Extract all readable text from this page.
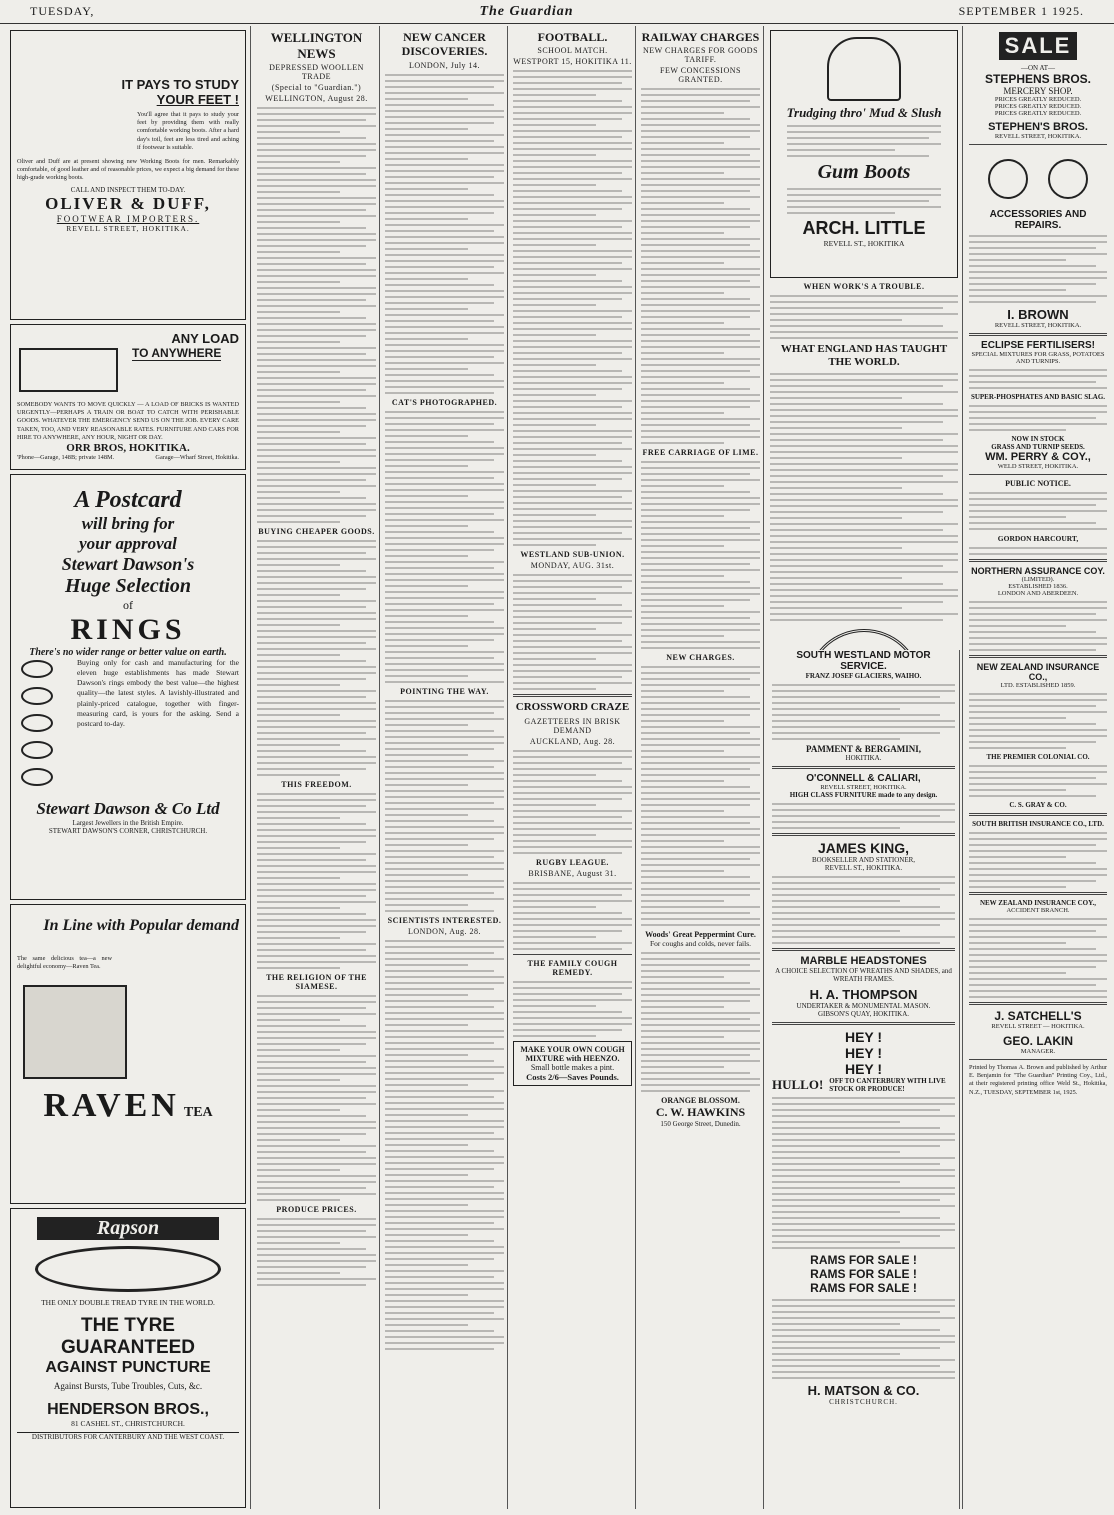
TUESDAY,	The Guardian	SEPTEMBER 1 1925.
IT PAYS TO STUDY
YOUR FEET !
You'll agree that it pays to study your feet by providing them with really comfortable working boots. After a hard day's toil, feet are less tired and aching if footwear is suitable.
Oliver and Duff are at present showing new Working Boots for men. Remarkably comfortable, of good leather and of reasonable prices, we expect a big demand for these high-grade working boots.
CALL AND INSPECT THEM TO-DAY.
OLIVER & DUFF,
FOOTWEAR IMPORTERS.
REVELL STREET, HOKITIKA.
ANY LOAD
TO ANYWHERE
SOMEBODY WANTS TO MOVE QUICKLY — A LOAD OF BRICKS IS WANTED URGENTLY—PERHAPS A TRAIN OR BOAT TO CATCH WITH PERISHABLE GOODS. WHATEVER THE EMERGENCY SEND US ON THE JOB. EVERY CARE TAKEN, TOO, AND VERY REASONABLE RATES. FURNITURE AND CARS FOR HIRE TO ANYWHERE, ANY HOUR, NIGHT OR DAY.
ORR BROS, HOKITIKA.
'Phone—Garage, 148B; private 148M.	Garage—Wharf Street, Hokitika.
A Postcard
will bring for
your approval
Stewart Dawson's
Huge Selection
of
RINGS
There's no wider range or better value on earth.

Buying only for cash and manufacturing for the eleven huge establishments has made Stewart Dawson's rings embody the best value—the highest quality—the latest styles. A lavishly-illustrated and plainly-priced catalogue, together with finger-measuring card, is yours for the asking. Send a postcard to-day.
Stewart Dawson & Co Ltd
Largest Jewellers in the British Empire.
STEWART DAWSON'S CORNER, CHRISTCHURCH.
In Line with Popular demand
The same delicious tea—a new delightful economy—Raven Tea.
RAVEN TEA
Rapson
THE ONLY DOUBLE TREAD TYRE IN THE WORLD.
THE TYRE
GUARANTEED
AGAINST PUNCTURE
Against Bursts, Tube Troubles, Cuts, &c.
HENDERSON BROS.,
81 CASHEL ST., CHRISTCHURCH.
DISTRIBUTORS FOR CANTERBURY AND THE WEST COAST.
WELLINGTON NEWS
DEPRESSED WOOLLEN TRADE
(Special to "Guardian.")
WELLINGTON, August 28.
BUYING CHEAPER GOODS.
THIS FREEDOM.
THE RELIGION OF THE SIAMESE.
PRODUCE PRICES.
NEW CANCER DISCOVERIES.
LONDON, July 14.
CAT'S PHOTOGRAPHED.
POINTING THE WAY.
SCIENTISTS INTERESTED.
LONDON, Aug. 28.
FOOTBALL.
SCHOOL MATCH.
WESTPORT 15, HOKITIKA 11.
WESTLAND SUB-UNION.
MONDAY, AUG. 31st.
CROSSWORD CRAZE
GAZETTEERS IN BRISK DEMAND
AUCKLAND, Aug. 28.
RUGBY LEAGUE.
BRISBANE, August 31.
THE FAMILY COUGH REMEDY.
MAKE YOUR OWN COUGH MIXTURE with HEENZO.
Small bottle makes a pint.
Costs 2/6—Saves Pounds.
RAILWAY CHARGES
NEW CHARGES FOR GOODS TARIFF.
FEW CONCESSIONS GRANTED.
FREE CARRIAGE OF LIME.
NEW CHARGES.
Woods' Great Peppermint Cure.
For coughs and colds, never fails.
ORANGE BLOSSOM.
C. W. HAWKINS
150 George Street, Dunedin.
Trudging thro' Mud & Slush
Gum Boots
ARCH. LITTLE
REVELL ST., HOKITIKA
WHEN WORK'S A TROUBLE.
WHAT ENGLAND HAS TAUGHT THE WORLD.
SALE
—ON AT—
STEPHENS BROS.
MERCERY SHOP.
PRICES GREATLY REDUCED.
PRICES GREATLY REDUCED.
PRICES GREATLY REDUCED.
STEPHEN'S BROS.
REVELL STREET, HOKITIKA.
ACCESSORIES AND REPAIRS.
I. BROWN
REVELL STREET, HOKITIKA.
ECLIPSE FERTILISERS!
SPECIAL MIXTURES FOR GRASS, POTATOES AND TURNIPS.
SUPER-PHOSPHATES AND BASIC SLAG.
NOW IN STOCK
GRASS AND TURNIP SEEDS.
WM. PERRY & COY.,
WELD STREET, HOKITIKA.
PUBLIC NOTICE.
GORDON HARCOURT,
NORTHERN ASSURANCE COY.
(LIMITED).
ESTABLISHED 1836.
LONDON AND ABERDEEN.
NEW ZEALAND INSURANCE CO.,
LTD. ESTABLISHED 1859.
THE PREMIER COLONIAL CO.
C. S. GRAY & CO.
SOUTH BRITISH INSURANCE CO., LTD.
NEW ZEALAND INSURANCE COY.,
ACCIDENT BRANCH.
J. SATCHELL'S
REVELL STREET — HOKITIKA.
GEO. LAKIN
MANAGER.
Printed by Thomas A. Brown and published by Arthur E. Benjamin for "The Guardian" Printing Coy., Ltd., at their registered printing office Weld St., Hokitika, N.Z., TUESDAY, SEPTEMBER 1st, 1925.
SOUTH WESTLAND MOTOR SERVICE.
FRANZ JOSEF GLACIERS, WAIHO.
PAMMENT & BERGAMINI,
HOKITIKA.
O'CONNELL & CALIARI,
REVELL STREET, HOKITIKA.
HIGH CLASS FURNITURE made to any design.
JAMES KING,
BOOKSELLER AND STATIONER,
REVELL ST., HOKITIKA.
MARBLE HEADSTONES
A CHOICE SELECTION OF WREATHS AND SHADES, and WREATH FRAMES.
H. A. THOMPSON
UNDERTAKER & MONUMENTAL MASON.
GIBSON'S QUAY, HOKITIKA.
HEY !
HEY !
HEY !
HULLO! OFF TO CANTERBURY WITH LIVE STOCK OR PRODUCE!
RAMS FOR SALE !
RAMS FOR SALE !
RAMS FOR SALE !
H. MATSON & CO.
CHRISTCHURCH.
